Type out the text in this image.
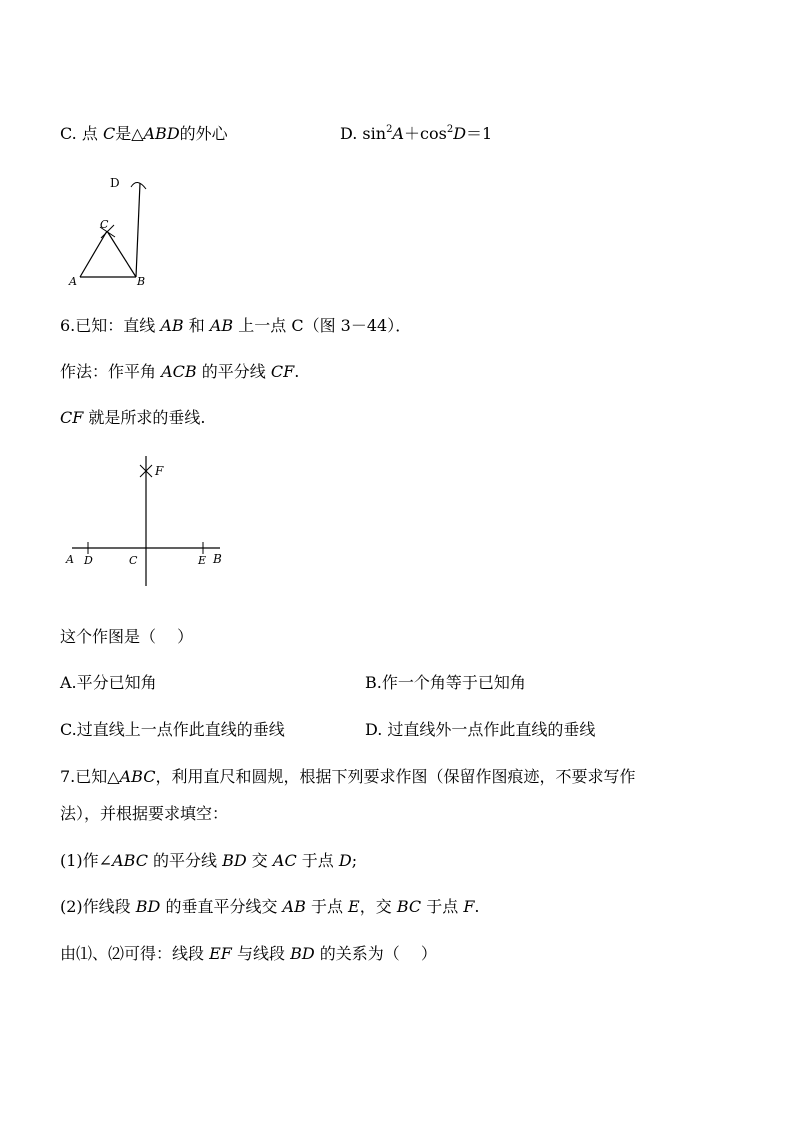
C. 点 C是△ABD的外心	D. $\sin^2A+\cos^2D=1$
D
C
A	B
6.已知：直线 AB 和 AB 上一点 C（图 3－44）．
作法：作平角 ACB 的平分线 CF.
CF 就是所求的垂线.
F
A D	C	E B
这个作图是（　 ）
A.平分已知角	B.作一个角等于已知角
C.过直线上一点作此直线的垂线	D. 过直线外一点作此直线的垂线
7.已知△ABC，利用直尺和圆规，根据下列要求作图（保留作图痕迹，不要求写作
法），并根据要求填空：
(1)作∠ABC 的平分线 BD 交 AC 于点 D;
(2)作线段 BD 的垂直平分线交 AB 于点 E，交 BC 于点 F.
由⑴、⑵可得：线段 EF 与线段 BD 的关系为（　 ）
